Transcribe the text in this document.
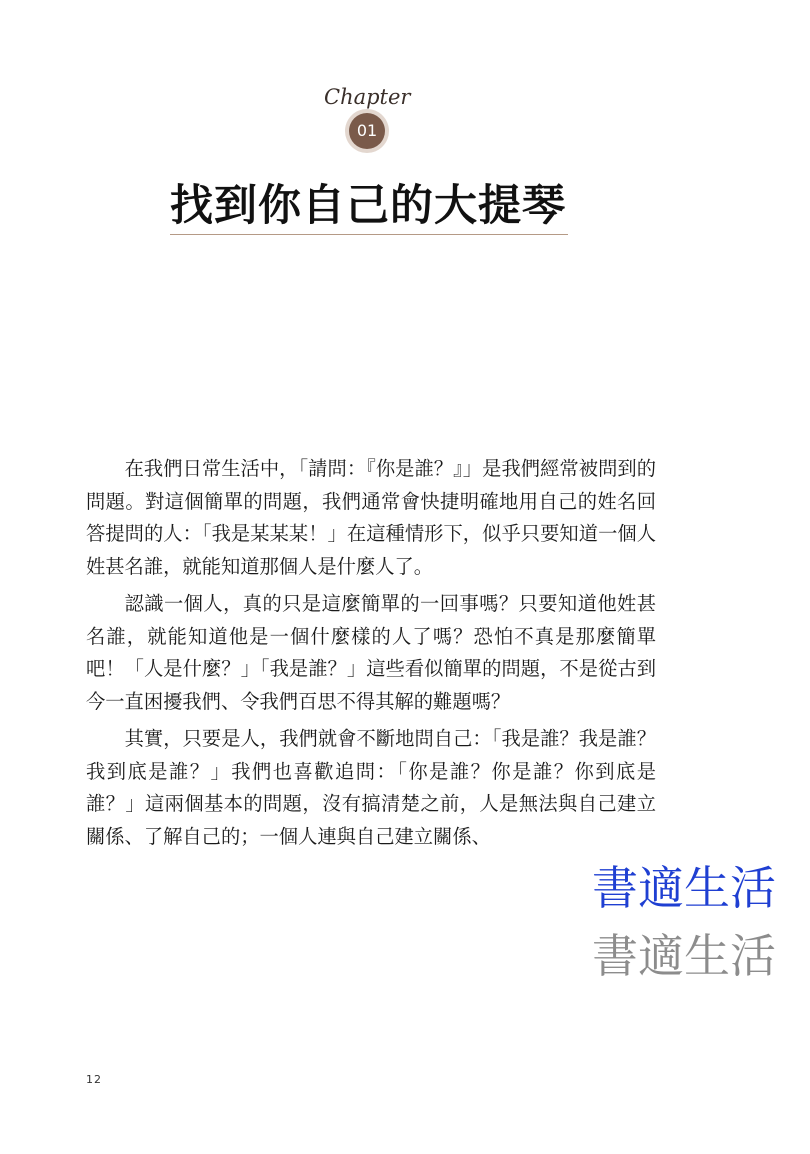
Chapter
01
找到你自己的大提琴

在我們日常生活中，「請問：『你是誰？』」是我們經常被問到的問題。對這個簡單的問題，我們通常會快捷明確地用自己的姓名回答提問的人：「我是某某某！」在這種情形下，似乎只要知道一個人姓甚名誰，就能知道那個人是什麼人了。

認識一個人，真的只是這麼簡單的一回事嗎？只要知道他姓甚名誰，就能知道他是一個什麼樣的人了嗎？恐怕不真是那麼簡單吧！「人是什麼？」「我是誰？」這些看似簡單的問題，不是從古到今一直困擾我們、令我們百思不得其解的難題嗎？

其實，只要是人，我們就會不斷地問自己：「我是誰？我是誰？我到底是誰？」我們也喜歡追問：「你是誰？你是誰？你到底是誰？」這兩個基本的問題，沒有搞清楚之前，人是無法與自己建立關係、了解自己的；一個人連與自己建立關係、

書適生活
書適生活
12
